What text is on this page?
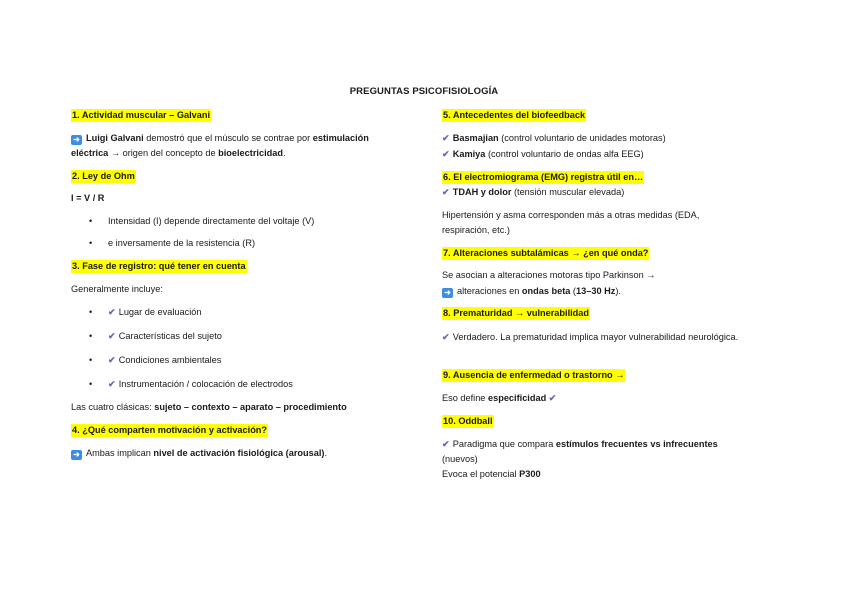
PREGUNTAS PSICOFISIOLOGÍA
1. Actividad muscular – Galvani
➜ Luigi Galvani demostró que el músculo se contrae por estimulación
eléctrica → origen del concepto de bioelectricidad.
2. Ley de Ohm
I = V / R
• Intensidad (I) depende directamente del voltaje (V)
• e inversamente de la resistencia (R)
3. Fase de registro: qué tener en cuenta
Generalmente incluye:
• ✔ Lugar de evaluación
• ✔ Características del sujeto
• ✔ Condiciones ambientales
• ✔ Instrumentación / colocación de electrodos
Las cuatro clásicas: sujeto – contexto – aparato – procedimiento
4. ¿Qué comparten motivación y activación?
➜ Ambas implican nivel de activación fisiológica (arousal).
5. Antecedentes del biofeedback
✔ Basmajian (control voluntario de unidades motoras)
✔ Kamiya (control voluntario de ondas alfa EEG)
6. El electromiograma (EMG) registra útil en…
✔ TDAH y dolor (tensión muscular elevada)
Hipertensión y asma corresponden más a otras medidas (EDA, respiración, etc.)
7. Alteraciones subtalámicas → ¿en qué onda?
Se asocian a alteraciones motoras tipo Parkinson →
➜ alteraciones en ondas beta (13–30 Hz).
8. Prematuridad → vulnerabilidad
✔ Verdadero. La prematuridad implica mayor vulnerabilidad neurológica.
9. Ausencia de enfermedad o trastorno →
Eso define especificidad ✔
10. Oddball
✔ Paradigma que compara estímulos frecuentes vs infrecuentes
(nuevos)
Evoca el potencial P300
